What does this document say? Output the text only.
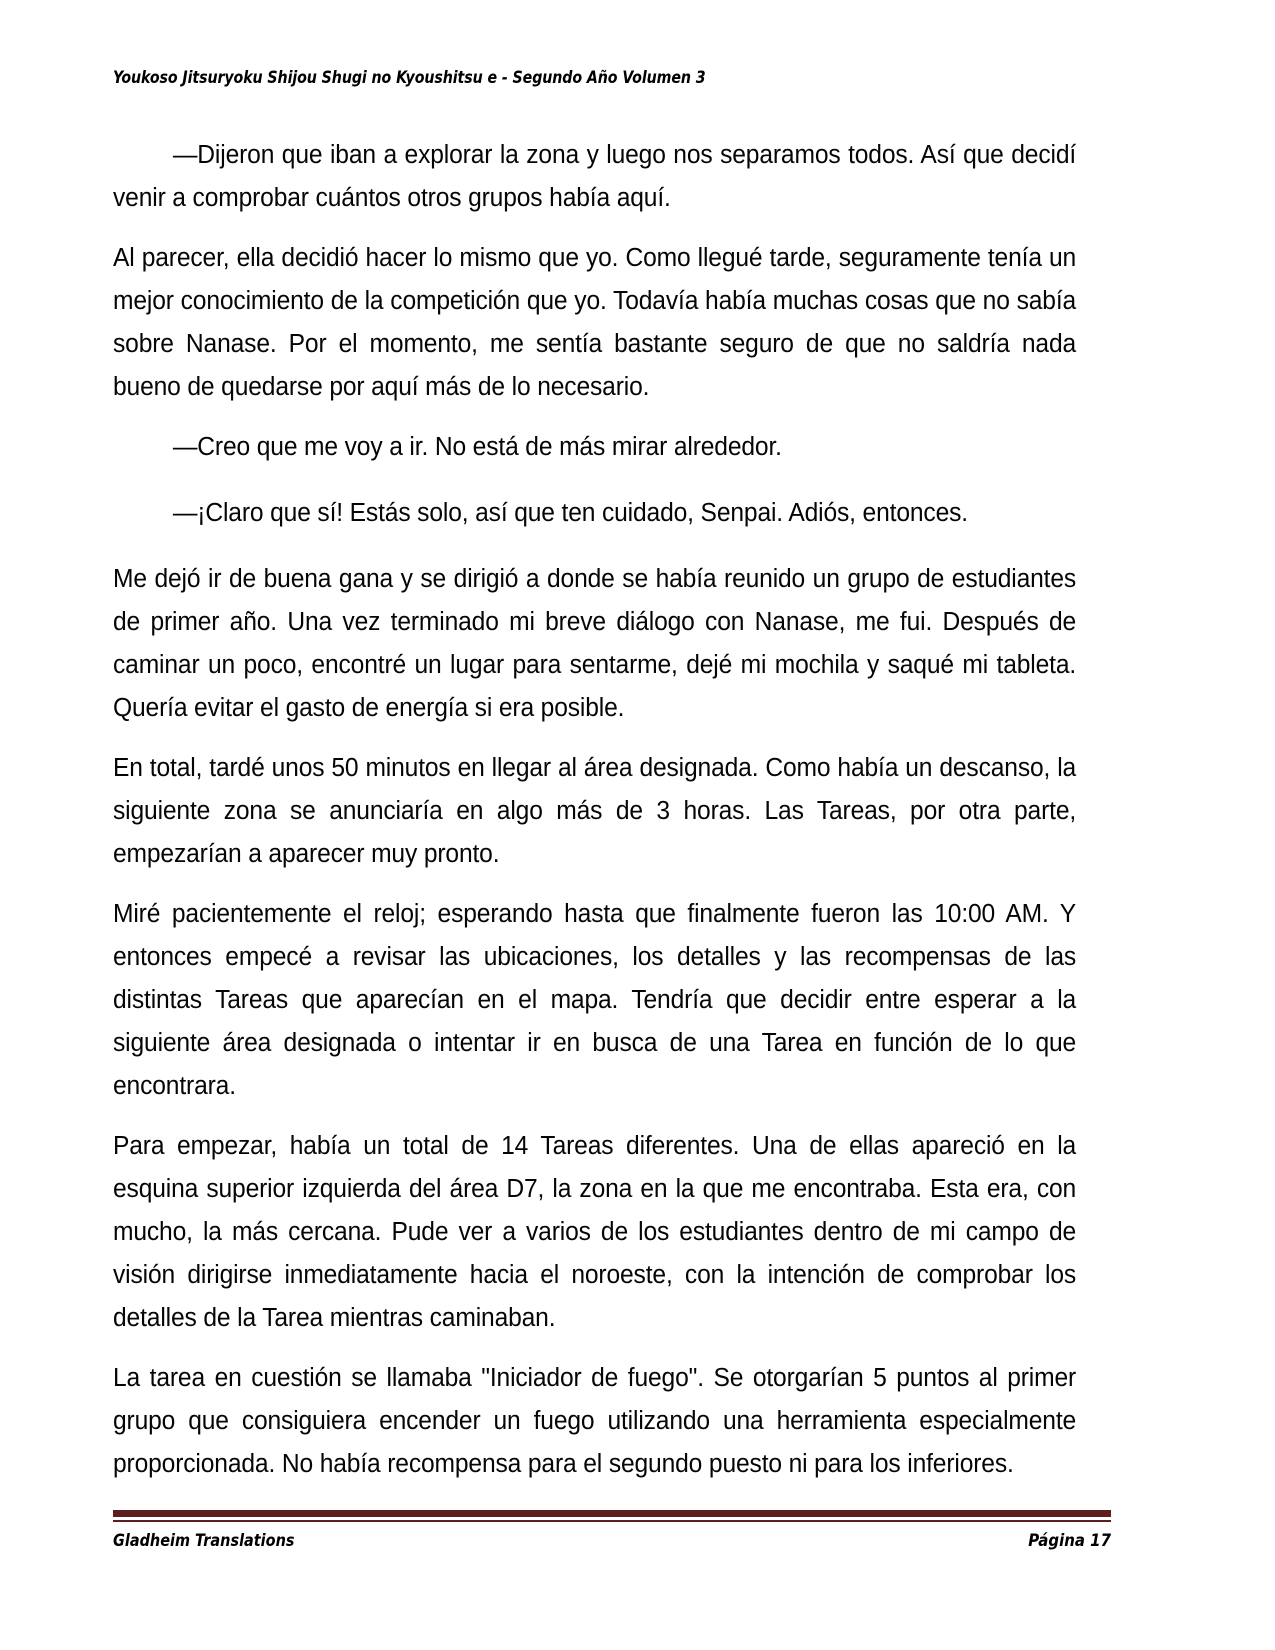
Youkoso Jitsuryoku Shijou Shugi no Kyoushitsu e - Segundo Año Volumen 3

—Dijeron que iban a explorar la zona y luego nos separamos todos. Así que decidí venir a comprobar cuántos otros grupos había aquí.

Al parecer, ella decidió hacer lo mismo que yo. Como llegué tarde, seguramente tenía un mejor conocimiento de la competición que yo. Todavía había muchas cosas que no sabía sobre Nanase. Por el momento, me sentía bastante seguro de que no saldría nada bueno de quedarse por aquí más de lo necesario.

—Creo que me voy a ir. No está de más mirar alrededor.

—¡Claro que sí! Estás solo, así que ten cuidado, Senpai. Adiós, entonces.

Me dejó ir de buena gana y se dirigió a donde se había reunido un grupo de estudiantes de primer año. Una vez terminado mi breve diálogo con Nanase, me fui. Después de caminar un poco, encontré un lugar para sentarme, dejé mi mochila y saqué mi tableta. Quería evitar el gasto de energía si era posible.

En total, tardé unos 50 minutos en llegar al área designada. Como había un descanso, la siguiente zona se anunciaría en algo más de 3 horas. Las Tareas, por otra parte, empezarían a aparecer muy pronto.

Miré pacientemente el reloj; esperando hasta que finalmente fueron las 10:00 AM. Y entonces empecé a revisar las ubicaciones, los detalles y las recompensas de las distintas Tareas que aparecían en el mapa. Tendría que decidir entre esperar a la siguiente área designada o intentar ir en busca de una Tarea en función de lo que encontrara.

Para empezar, había un total de 14 Tareas diferentes. Una de ellas apareció en la esquina superior izquierda del área D7, la zona en la que me encontraba. Esta era, con mucho, la más cercana. Pude ver a varios de los estudiantes dentro de mi campo de visión dirigirse inmediatamente hacia el noroeste, con la intención de comprobar los detalles de la Tarea mientras caminaban.

La tarea en cuestión se llamaba "Iniciador de fuego". Se otorgarían 5 puntos al primer grupo que consiguiera encender un fuego utilizando una herramienta especialmente proporcionada. No había recompensa para el segundo puesto ni para los inferiores.

Gladheim Translations	Página 17
